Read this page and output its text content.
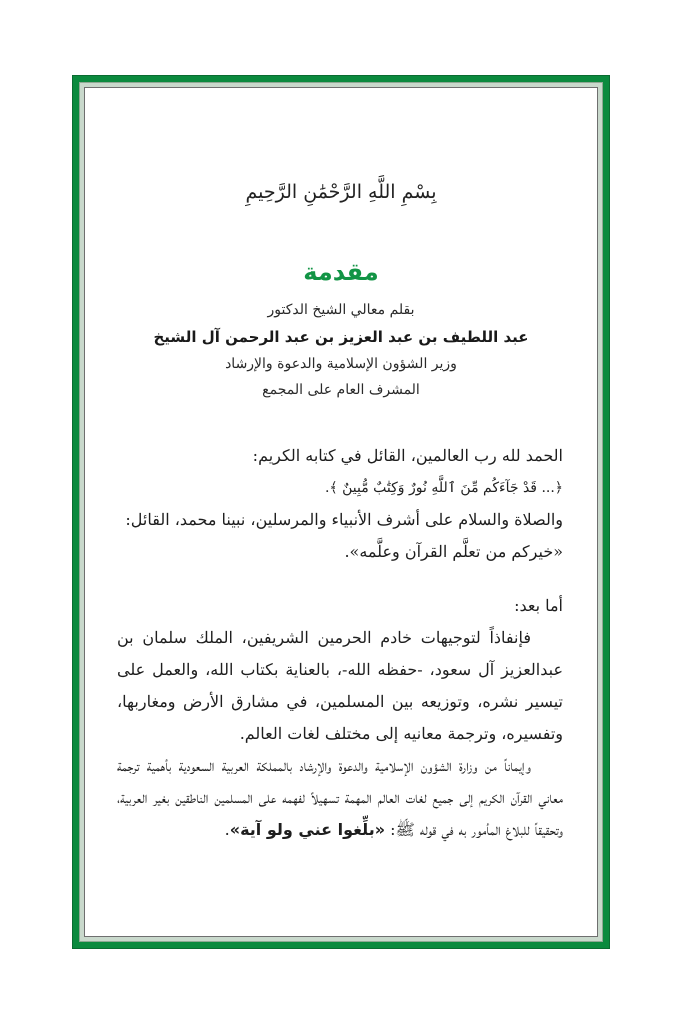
بِسْمِ اللَّهِ الرَّحْمَٰنِ الرَّحِيمِ
مقدمة
بقلم معالي الشيخ الدكتور
عبد اللطيف بن عبد العزيز بن عبد الرحمن آل الشيخ
وزير الشؤون الإسلامية والدعوة والإرشاد
المشرف العام على المجمع

الحمد لله رب العالمين، القائل في كتابه الكريم:

﴿... قَدْ جَآءَكُم مِّنَ ٱللَّهِ نُورٌ وَكِتَٰبٌ مُّبِينٌ ﴾.

والصلاة والسلام على أشرف الأنبياء والمرسلين، نبينا محمد، القائل:

«خيركم من تعلَّم القرآن وعلَّمه».

أما بعد:

فإنفاذاً لتوجيهات خادم الحرمين الشريفين، الملك سلمان بن عبدالعزيز آل سعود، -حفظه الله-، بالعناية بكتاب الله، والعمل على تيسير نشره، وتوزيعه بين المسلمين، في مشارق الأرض ومغاربها، وتفسيره، وترجمة معانيه إلى مختلف لغات العالم.

وإيماناً من وزارة الشؤون الإسلامية والدعوة والإرشاد بالمملكة العربية السعودية بأهمية ترجمة معاني القرآن الكريم إلى جميع لغات العالم المهمة تسهيلاً لفهمه على المسلمين الناطقين بغير العربية، وتحقيقاً للبلاغ المأمور به في قوله ﷺ: «بلِّغوا عني ولو آية».
